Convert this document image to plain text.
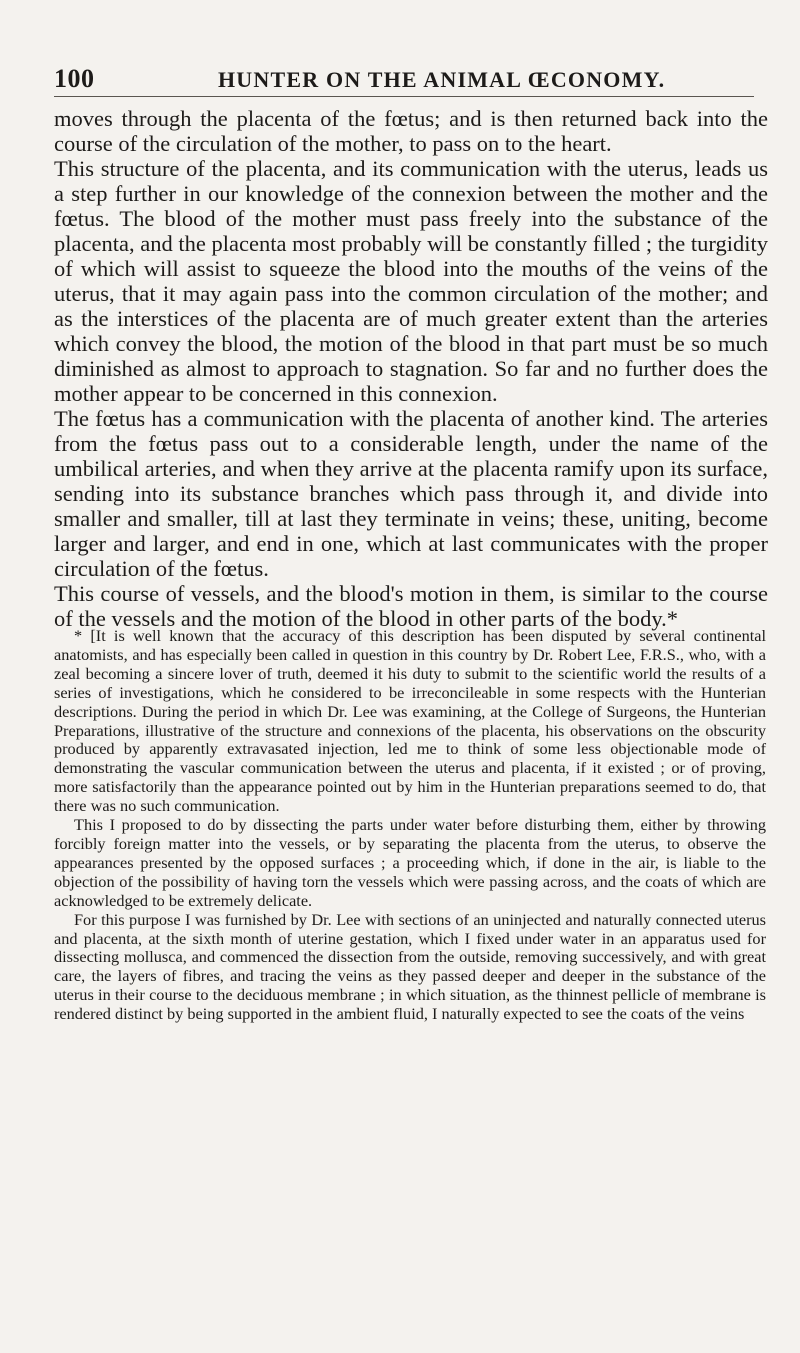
100	HUNTER ON THE ANIMAL ŒCONOMY.

moves through the placenta of the fœtus; and is then returned back into the course of the circulation of the mother, to pass on to the heart.

This structure of the placenta, and its communication with the uterus, leads us a step further in our knowledge of the connexion between the mother and the fœtus. The blood of the mother must pass freely into the substance of the placenta, and the placenta most probably will be constantly filled ; the turgidity of which will assist to squeeze the blood into the mouths of the veins of the uterus, that it may again pass into the common circulation of the mother; and as the interstices of the placenta are of much greater extent than the arteries which convey the blood, the motion of the blood in that part must be so much diminished as almost to approach to stagnation. So far and no further does the mother appear to be concerned in this connexion.

The fœtus has a communication with the placenta of another kind. The arteries from the fœtus pass out to a considerable length, under the name of the umbilical arteries, and when they arrive at the placenta ramify upon its surface, sending into its substance branches which pass through it, and divide into smaller and smaller, till at last they terminate in veins; these, uniting, become larger and larger, and end in one, which at last communicates with the proper circulation of the fœtus.

This course of vessels, and the blood's motion in them, is similar to the course of the vessels and the motion of the blood in other parts of the body.*

* [It is well known that the accuracy of this description has been disputed by several continental anatomists, and has especially been called in question in this country by Dr. Robert Lee, F.R.S., who, with a zeal becoming a sincere lover of truth, deemed it his duty to submit to the scientific world the results of a series of investigations, which he considered to be irreconcileable in some respects with the Hunterian descriptions. During the period in which Dr. Lee was examining, at the College of Surgeons, the Hunterian Preparations, illustrative of the structure and connexions of the placenta, his observations on the obscurity produced by apparently extravasated injection, led me to think of some less objectionable mode of demonstrating the vascular communication between the uterus and placenta, if it existed ; or of proving, more satisfactorily than the appearance pointed out by him in the Hunterian preparations seemed to do, that there was no such communication.

This I proposed to do by dissecting the parts under water before disturbing them, either by throwing forcibly foreign matter into the vessels, or by separating the placenta from the uterus, to observe the appearances presented by the opposed surfaces ; a proceeding which, if done in the air, is liable to the objection of the possibility of having torn the vessels which were passing across, and the coats of which are acknowledged to be extremely delicate.

For this purpose I was furnished by Dr. Lee with sections of an uninjected and naturally connected uterus and placenta, at the sixth month of uterine gestation, which I fixed under water in an apparatus used for dissecting mollusca, and commenced the dissection from the outside, removing successively, and with great care, the layers of fibres, and tracing the veins as they passed deeper and deeper in the substance of the uterus in their course to the deciduous membrane ; in which situation, as the thinnest pellicle of membrane is rendered distinct by being supported in the ambient fluid, I naturally expected to see the coats of the veins
